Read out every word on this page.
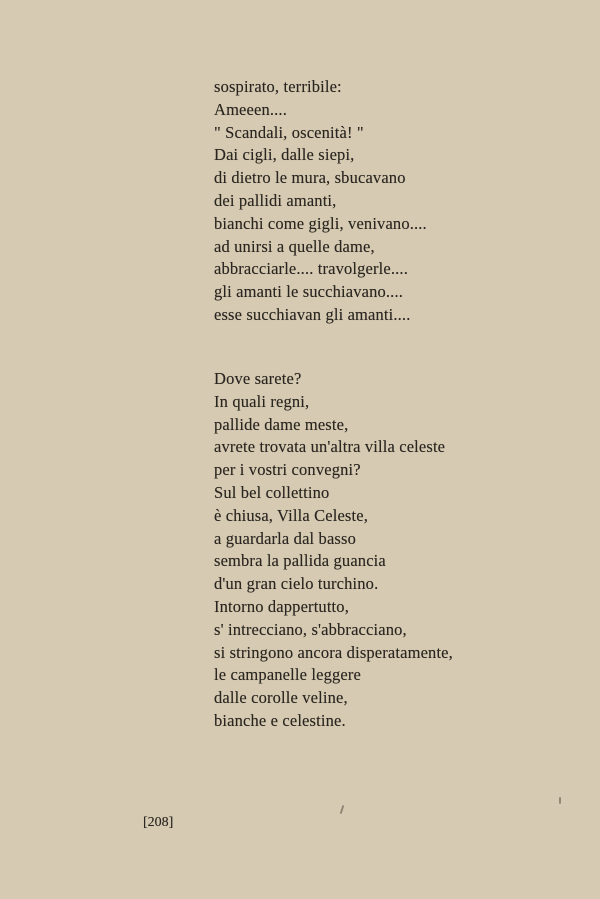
sospirato, terribile:
Ameeen....
" Scandali, oscenità! "
Dai cigli, dalle siepi,
di dietro le mura, sbucavano
dei pallidi amanti,
bianchi come gigli, venivano....
ad unirsi a quelle dame,
abbracciarle.... travolgerle....
gli amanti le succhiavano....
esse succhiavan gli amanti....
Dove sarete?
In quali regni,
pallide dame meste,
avrete trovata un'altra villa celeste
per i vostri convegni?
Sul bel collettino
è chiusa, Villa Celeste,
a guardarla dal basso
sembra la pallida guancia
d'un gran cielo turchino.
Intorno dappertutto,
s' intrecciano, s'abbracciano,
si stringono ancora disperatamente,
le campanelle leggere
dalle corolle veline,
bianche e celestine.
[208]
